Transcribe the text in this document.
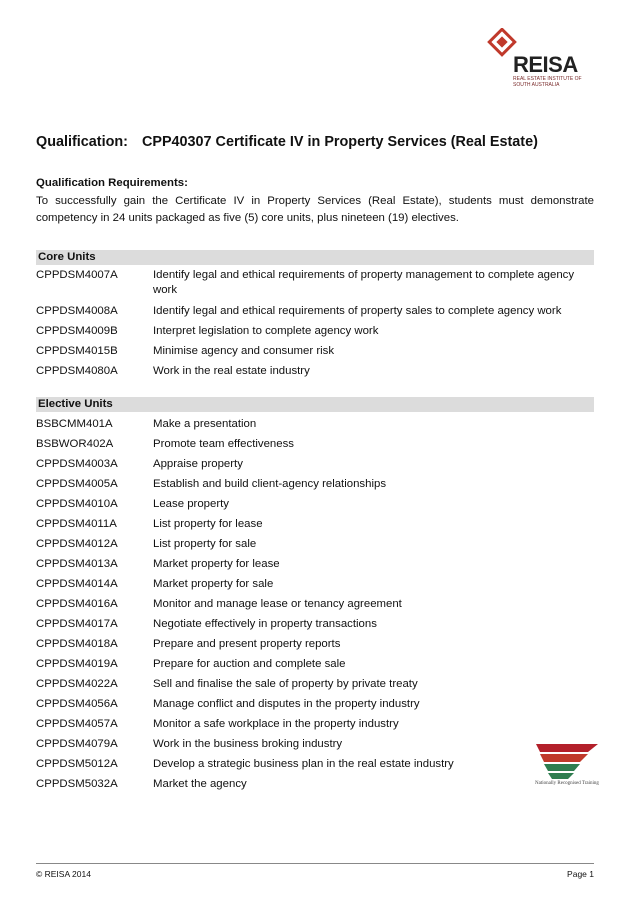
REISA
REAL ESTATE INSTITUTE OF SOUTH AUSTRALIA
Qualification: CPP40307 Certificate IV in Property Services (Real Estate)
Qualification Requirements:
To successfully gain the Certificate IV in Property Services (Real Estate), students must demonstrate competency in 24 units packaged as five (5) core units, plus nineteen (19) electives.
Core Units
CPPDSM4007A	Identify legal and ethical requirements of property management to complete agency work
CPPDSM4008A	Identify legal and ethical requirements of property sales to complete agency work
CPPDSM4009B	Interpret legislation to complete agency work
CPPDSM4015B	Minimise agency and consumer risk
CPPDSM4080A	Work in the real estate industry
Elective Units
BSBCMM401A	Make a presentation
BSBWOR402A	Promote team effectiveness
CPPDSM4003A	Appraise property
CPPDSM4005A	Establish and build client-agency relationships
CPPDSM4010A	Lease property
CPPDSM4011A	List property for lease
CPPDSM4012A	List property for sale
CPPDSM4013A	Market property for lease
CPPDSM4014A	Market property for sale
CPPDSM4016A	Monitor and manage lease or tenancy agreement
CPPDSM4017A	Negotiate effectively in property transactions
CPPDSM4018A	Prepare and present property reports
CPPDSM4019A	Prepare for auction and complete sale
CPPDSM4022A	Sell and finalise the sale of property by private treaty
CPPDSM4056A	Manage conflict and disputes in the property industry
CPPDSM4057A	Monitor a safe workplace in the property industry
CPPDSM4079A	Work in the business broking industry
CPPDSM5012A	Develop a strategic business plan in the real estate industry
CPPDSM5032A	Market the agency	Nationally Recognised Training
© REISA 2014	Page 1
